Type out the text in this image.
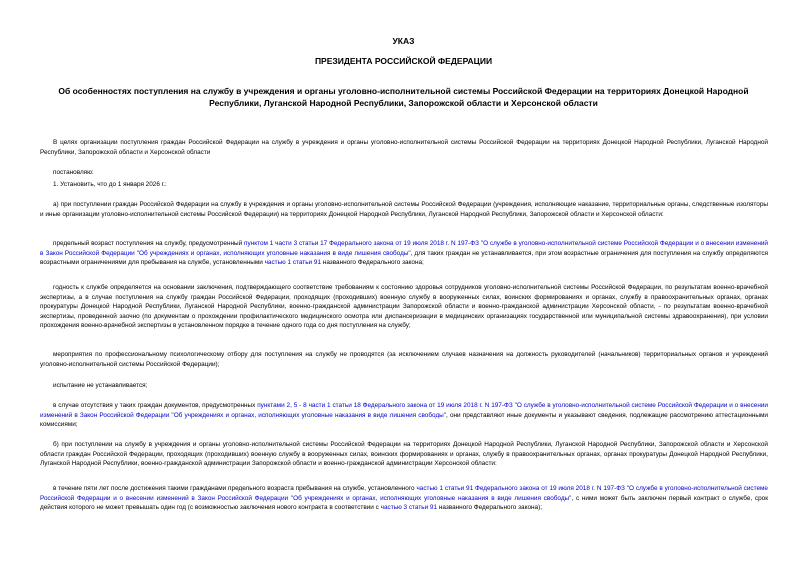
УКАЗ
ПРЕЗИДЕНТА РОССИЙСКОЙ ФЕДЕРАЦИИ
Об особенностях поступления на службу в учреждения и органы уголовно-исполнительной системы Российской Федерации на территориях Донецкой Народной Республики, Луганской Народной Республики, Запорожской области и Херсонской области

В целях организации поступления граждан Российской Федерации на службу в учреждения и органы уголовно-исполнительной системы Российской Федерации на территориях Донецкой Народной Республики, Луганской Народной Республики, Запорожской области и Херсонской области

постановляю:

1. Установить, что до 1 января 2026 г.:

а) при поступлении граждан Российской Федерации на службу в учреждения и органы уголовно-исполнительной системы Российской Федерации (учреждения, исполняющие наказание, территориальные органы, следственные изоляторы и иные организации уголовно-исполнительной системы Российской Федерации) на территориях Донецкой Народной Республики, Луганской Народной Республики, Запорожской области и Херсонской области:

предельный возраст поступления на службу, предусмотренный пунктом 1 части 3 статьи 17 Федерального закона от 19 июля 2018 г. N 197-ФЗ "О службе в уголовно-исполнительной системе Российской Федерации и о внесении изменений в Закон Российской Федерации "Об учреждениях и органах, исполняющих уголовные наказания в виде лишения свободы", для таких граждан не устанавливается, при этом возрастные ограничения для поступления на службу определяются возрастными ограничениями для пребывания на службе, установленными частью 1 статьи 91 названного Федерального закона;

годность к службе определяется на основании заключения, подтверждающего соответствие требованиям к состоянию здоровья сотрудников уголовно-исполнительной системы Российской Федерации, по результатам военно-врачебной экспертизы, а в случае поступления на службу граждан Российской Федерации, проходящих (проходивших) военную службу в вооруженных силах, воинских формированиях и органах, службу в правоохранительных органах, органах прокуратуры Донецкой Народной Республики, Луганской Народной Республики, военно-гражданской администрации Запорожской области и военно-гражданской администрации Херсонской области, - по результатам военно-врачебной экспертизы, проведенной заочно (по документам о прохождении профилактического медицинского осмотра или диспансеризации в медицинских организациях государственной или муниципальной системы здравоохранения), при условии прохождения военно-врачебной экспертизы в установленном порядке в течение одного года со дня поступления на службу;

мероприятия по профессиональному психологическому отбору для поступления на службу не проводятся (за исключением случаев назначения на должность руководителей (начальников) территориальных органов и учреждений уголовно-исполнительной системы Российской Федерации);

испытание не устанавливается;

в случае отсутствия у таких граждан документов, предусмотренных пунктами 2, 5 - 8 части 1 статьи 18 Федерального закона от 19 июля 2018 г. N 197-ФЗ "О службе в уголовно-исполнительной системе Российской Федерации и о внесении изменений в Закон Российской Федерации "Об учреждениях и органах, исполняющих уголовные наказания в виде лишения свободы", они представляют иные документы и указывают сведения, подлежащие рассмотрению аттестационными комиссиями;

б) при поступлении на службу в учреждения и органы уголовно-исполнительной системы Российской Федерации на территориях Донецкой Народной Республики, Луганской Народной Республики, Запорожской области и Херсонской области граждан Российской Федерации, проходящих (проходивших) военную службу в вооруженных силах, воинских формированиях и органах, службу в правоохранительных органах, органах прокуратуры Донецкой Народной Республики, Луганской Народной Республики, военно-гражданской администрации Запорожской области и военно-гражданской администрации Херсонской области:

в течение пяти лет после достижения такими гражданами предельного возраста пребывания на службе, установленного частью 1 статьи 91 Федерального закона от 19 июля 2018 г. N 197-ФЗ "О службе в уголовно-исполнительной системе Российской Федерации и о внесении изменений в Закон Российской Федерации "Об учреждениях и органах, исполняющих уголовные наказания в виде лишения свободы", с ними может быть заключен первый контракт о службе, срок действия которого не может превышать один год (с возможностью заключения нового контракта в соответствии с частью 3 статьи 91 названного Федерального закона);
